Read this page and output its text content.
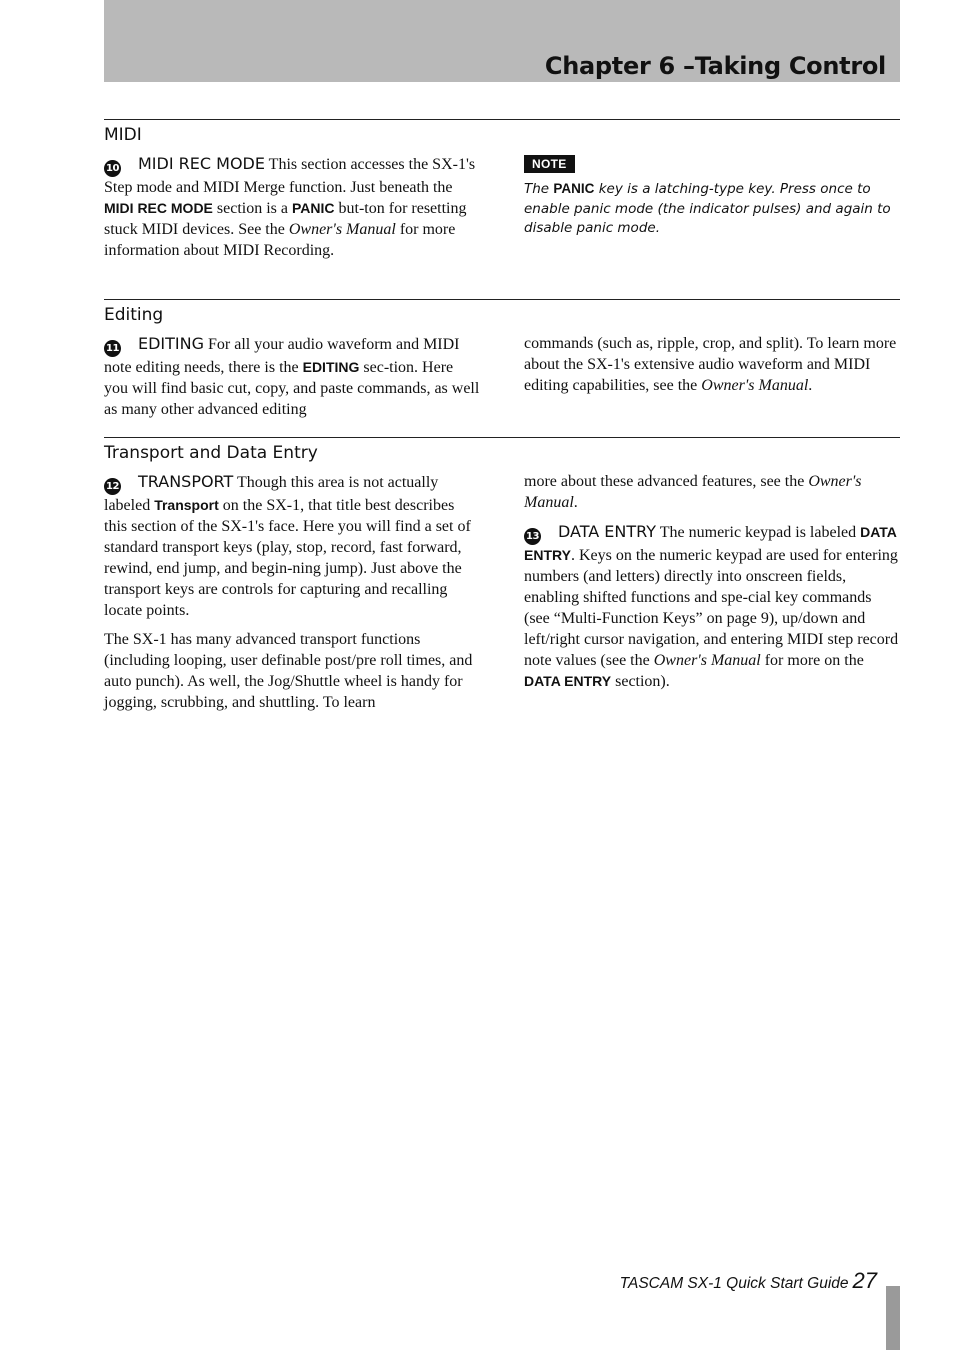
Chapter 6 –Taking Control
MIDI

10 MIDI REC MODE This section accesses the SX-1's Step mode and MIDI Merge function. Just beneath the MIDI REC MODE section is a PANIC but-ton for resetting stuck MIDI devices. See the Owner's Manual for more information about MIDI Recording.

NOTE

The PANIC key is a latching-type key. Press once to enable panic mode (the indicator pulses) and again to disable panic mode.

Editing

11 EDITING For all your audio waveform and MIDI note editing needs, there is the EDITING sec-tion. Here you will find basic cut, copy, and paste commands, as well as many other advanced editing

commands (such as, ripple, crop, and split). To learn more about the SX-1's extensive audio waveform and MIDI editing capabilities, see the Owner's Manual.

Transport and Data Entry

12 TRANSPORT Though this area is not actually labeled Transport on the SX-1, that title best describes this section of the SX-1's face. Here you will find a set of standard transport keys (play, stop, record, fast forward, rewind, end jump, and begin-ning jump). Just above the transport keys are controls for capturing and recalling locate points.

The SX-1 has many advanced transport functions (including looping, user definable post/pre roll times, and auto punch). As well, the Jog/Shuttle wheel is handy for jogging, scrubbing, and shuttling. To learn

more about these advanced features, see the Owner's Manual.

13 DATA ENTRY The numeric keypad is labeled DATA ENTRY. Keys on the numeric keypad are used for entering numbers (and letters) directly into onscreen fields, enabling shifted functions and spe-cial key commands (see “Multi-Function Keys” on page 9), up/down and left/right cursor navigation, and entering MIDI step record note values (see the Owner's Manual for more on the DATA ENTRY section).

TASCAM SX-1 Quick Start Guide 27
